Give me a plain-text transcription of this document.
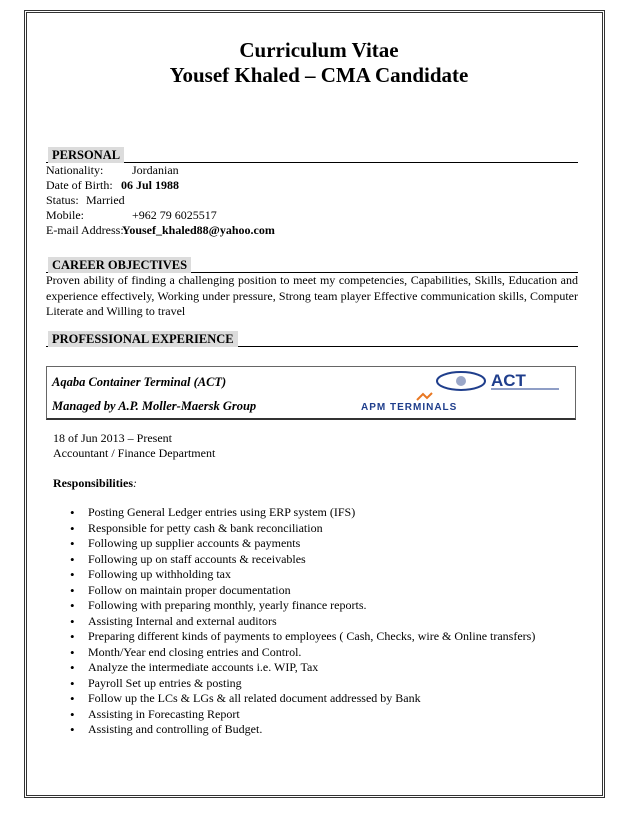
Curriculum Vitae
Yousef Khaled – CMA Candidate
PERSONAL
Nationality: Jordanian
Date of Birth: 06 Jul 1988
Status: Married
Mobile:	+962 79 6025517
E-mail Address:Yousef_khaled88@yahoo.com
CAREER OBJECTIVES
Proven ability of finding a challenging position to meet my competencies, Capabilities, Skills, Education and experience effectively, Working under pressure, Strong team player Effective communication skills, Computer Literate and Willing to travel
PROFESSIONAL EXPERIENCE
Aqaba Container Terminal (ACT)
Managed by A.P. Moller-Maersk Group
ACT
APM TERMINALS
18 of Jun 2013 – Present
Accountant / Finance Department
Responsibilities:
• Posting General Ledger entries using ERP system (IFS)
• Responsible for petty cash & bank reconciliation
• Following up supplier accounts & payments
• Following up on staff accounts & receivables
• Following up withholding tax
• Follow on maintain proper documentation
• Following with preparing monthly, yearly finance reports.
• Assisting Internal and external auditors
• Preparing different kinds of payments to employees ( Cash, Checks, wire & Online transfers)
• Month/Year end closing entries and Control.
• Analyze the intermediate accounts i.e. WIP, Tax
• Payroll Set up entries & posting
• Follow up the LCs & LGs & all related document addressed by Bank
• Assisting in Forecasting Report
• Assisting and controlling of Budget.
